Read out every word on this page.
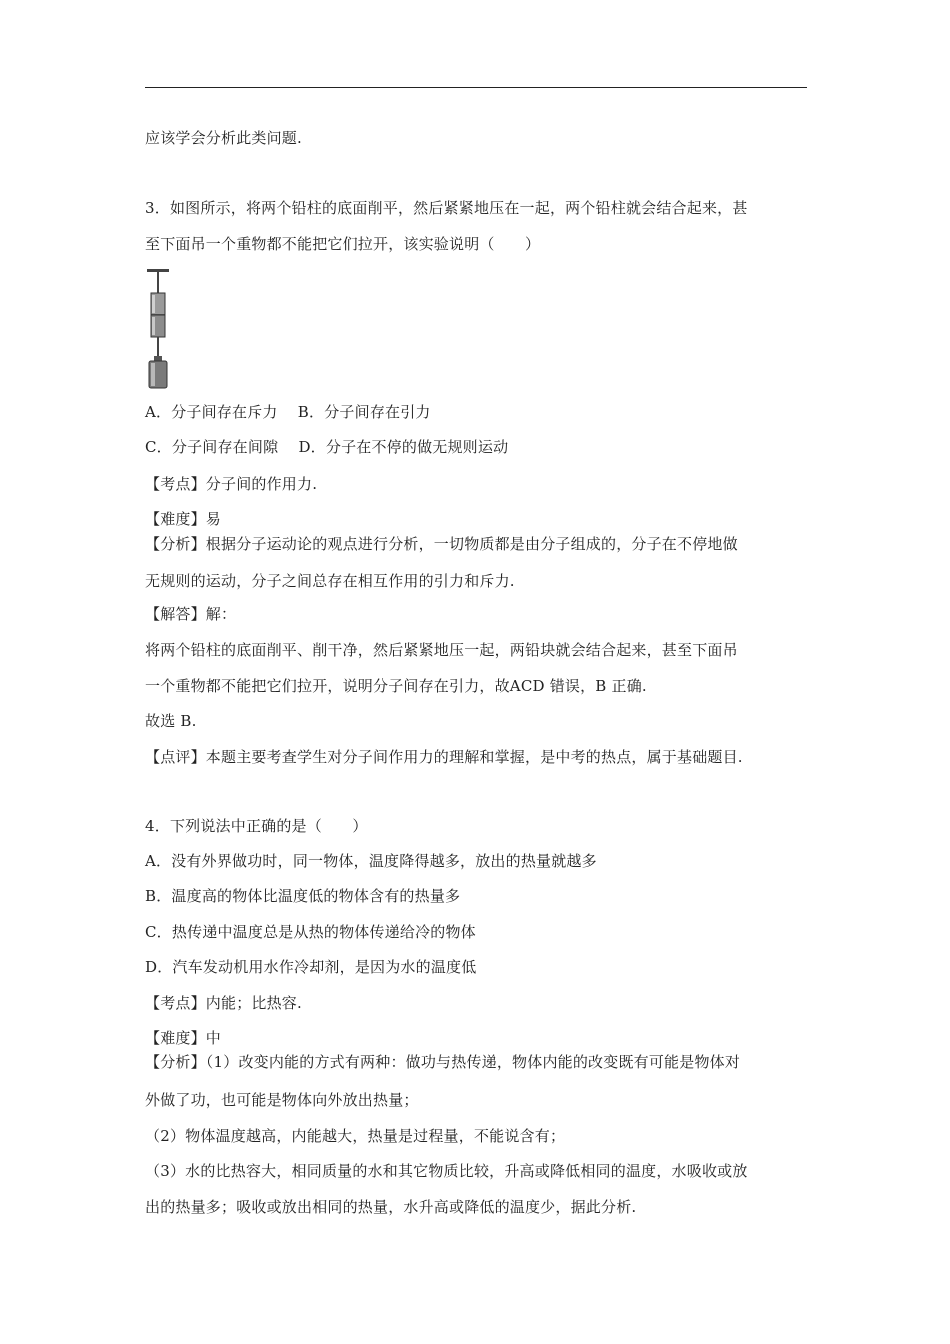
应该学会分析此类问题.
3．如图所示，将两个铅柱的底面削平，然后紧紧地压在一起，两个铅柱就会结合起来，甚
至下面吊一个重物都不能把它们拉开，该实验说明（　　）
A．分子间存在斥力　 B．分子间存在引力
C．分子间存在间隙　 D．分子在不停的做无规则运动
【考点】分子间的作用力.
【难度】易
【分析】根据分子运动论的观点进行分析，一切物质都是由分子组成的，分子在不停地做
无规则的运动，分子之间总存在相互作用的引力和斥力.
【解答】解：
将两个铅柱的底面削平、削干净，然后紧紧地压一起，两铅块就会结合起来，甚至下面吊
一个重物都不能把它们拉开，说明分子间存在引力，故ACD 错误，B 正确.
故选 B.
【点评】本题主要考查学生对分子间作用力的理解和掌握，是中考的热点，属于基础题目.
4．下列说法中正确的是（　　）
A．没有外界做功时，同一物体，温度降得越多，放出的热量就越多
B．温度高的物体比温度低的物体含有的热量多
C．热传递中温度总是从热的物体传递给冷的物体
D．汽车发动机用水作冷却剂，是因为水的温度低
【考点】内能；比热容.
【难度】中
【分析】（1）改变内能的方式有两种：做功与热传递，物体内能的改变既有可能是物体对
外做了功，也可能是物体向外放出热量；
（2）物体温度越高，内能越大，热量是过程量，不能说含有；
（3）水的比热容大，相同质量的水和其它物质比较，升高或降低相同的温度，水吸收或放
出的热量多；吸收或放出相同的热量，水升高或降低的温度少，据此分析.
